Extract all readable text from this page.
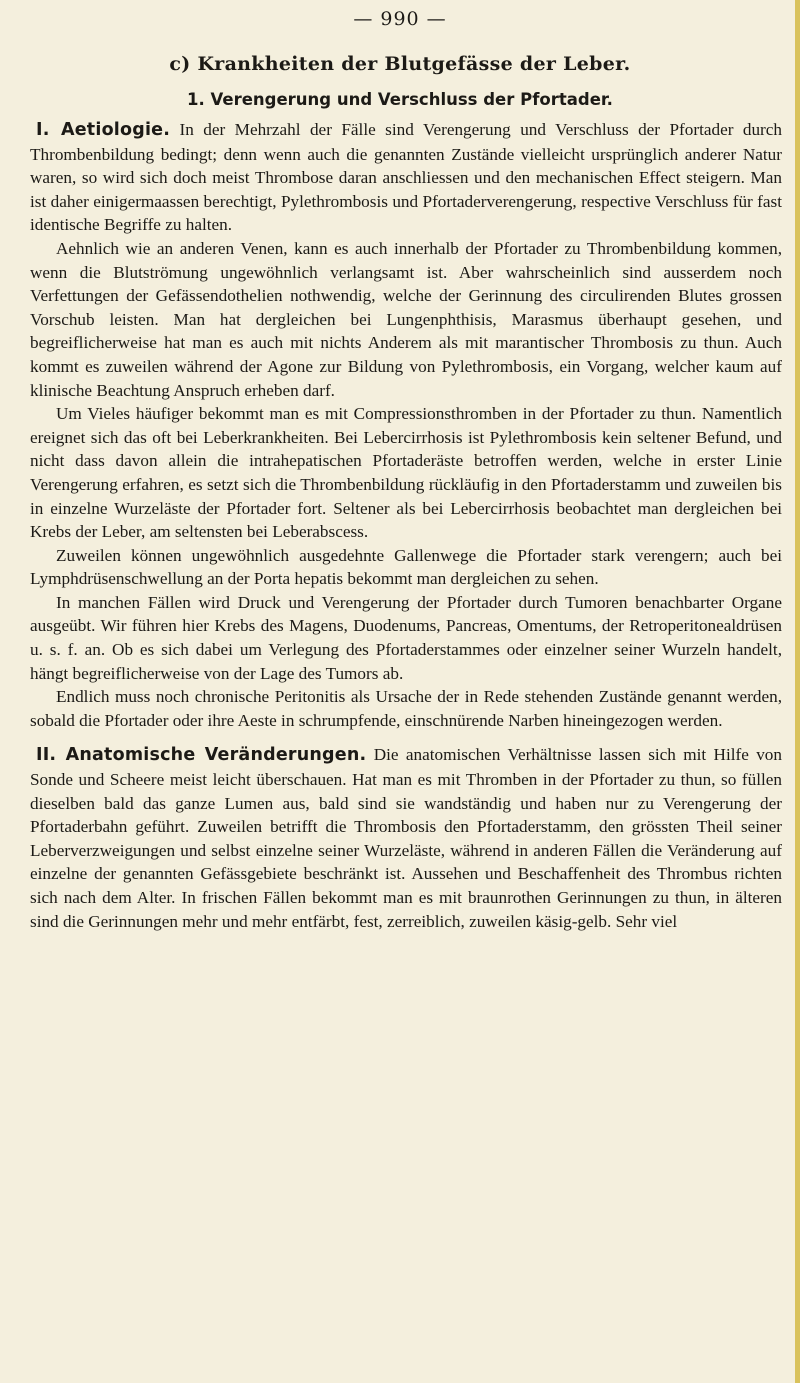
— 990 —
c) Krankheiten der Blutgefässe der Leber.
1. Verengerung und Verschluss der Pfortader.

I. Aetiologie. In der Mehrzahl der Fälle sind Verengerung und Verschluss der Pfortader durch Thrombenbildung bedingt; denn wenn auch die genannten Zustände vielleicht ursprünglich anderer Natur waren, so wird sich doch meist Thrombose daran anschliessen und den mechanischen Effect steigern. Man ist daher einigermaassen berechtigt, Pylethrombosis und Pfortaderverengerung, respective Verschluss für fast identische Begriffe zu halten.

Aehnlich wie an anderen Venen, kann es auch innerhalb der Pfortader zu Thrombenbildung kommen, wenn die Blutströmung ungewöhnlich verlangsamt ist. Aber wahrscheinlich sind ausserdem noch Verfettungen der Gefässendothelien nothwendig, welche der Gerinnung des circulirenden Blutes grossen Vorschub leisten. Man hat dergleichen bei Lungenphthisis, Marasmus überhaupt gesehen, und begreiflicherweise hat man es auch mit nichts Anderem als mit marantischer Thrombosis zu thun. Auch kommt es zuweilen während der Agone zur Bildung von Pylethrombosis, ein Vorgang, welcher kaum auf klinische Beachtung Anspruch erheben darf.

Um Vieles häufiger bekommt man es mit Compressionsthromben in der Pfortader zu thun. Namentlich ereignet sich das oft bei Leberkrankheiten. Bei Lebercirrhosis ist Pylethrombosis kein seltener Befund, und nicht dass davon allein die intrahepatischen Pfortaderäste betroffen werden, welche in erster Linie Verengerung erfahren, es setzt sich die Thrombenbildung rückläufig in den Pfortaderstamm und zuweilen bis in einzelne Wurzeläste der Pfortader fort. Seltener als bei Lebercirrhosis beobachtet man dergleichen bei Krebs der Leber, am seltensten bei Leberabscess.

Zuweilen können ungewöhnlich ausgedehnte Gallenwege die Pfortader stark verengern; auch bei Lymphdrüsenschwellung an der Porta hepatis bekommt man dergleichen zu sehen.

In manchen Fällen wird Druck und Verengerung der Pfortader durch Tumoren benachbarter Organe ausgeübt. Wir führen hier Krebs des Magens, Duodenums, Pancreas, Omentums, der Retroperitonealdrüsen u. s. f. an. Ob es sich dabei um Verlegung des Pfortaderstammes oder einzelner seiner Wurzeln handelt, hängt begreiflicherweise von der Lage des Tumors ab.

Endlich muss noch chronische Peritonitis als Ursache der in Rede stehenden Zustände genannt werden, sobald die Pfortader oder ihre Aeste in schrumpfende, einschnürende Narben hineingezogen werden.

II. Anatomische Veränderungen. Die anatomischen Verhältnisse lassen sich mit Hilfe von Sonde und Scheere meist leicht überschauen. Hat man es mit Thromben in der Pfortader zu thun, so füllen dieselben bald das ganze Lumen aus, bald sind sie wandständig und haben nur zu Verengerung der Pfortaderbahn geführt. Zuweilen betrifft die Thrombosis den Pfortaderstamm, den grössten Theil seiner Leberverzweigungen und selbst einzelne seiner Wurzeläste, während in anderen Fällen die Veränderung auf einzelne der genannten Gefässgebiete beschränkt ist. Aussehen und Beschaffenheit des Thrombus richten sich nach dem Alter. In frischen Fällen bekommt man es mit braunrothen Gerinnungen zu thun, in älteren sind die Gerinnungen mehr und mehr entfärbt, fest, zerreiblich, zuweilen käsig-gelb. Sehr viel
